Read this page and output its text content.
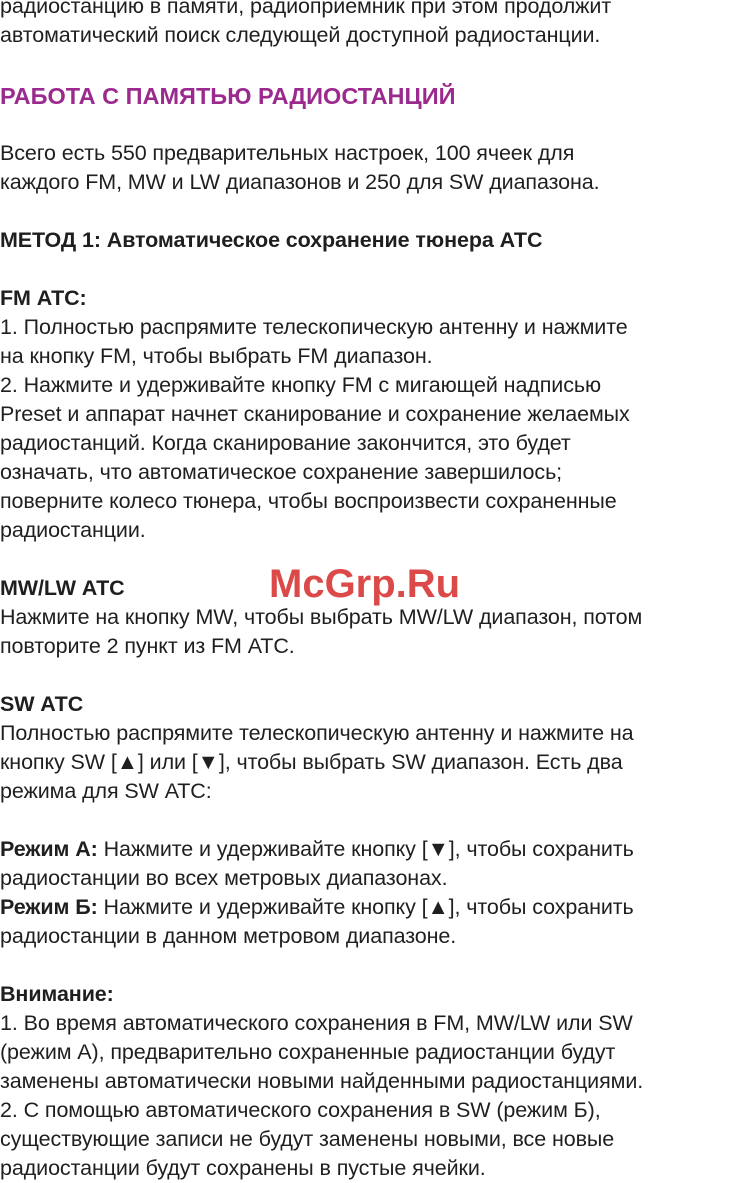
радиостанцию в памяти, радиоприемник при этом продолжит
автоматический поиск следующей доступной радиостанции.
РАБОТА С ПАМЯТЬЮ РАДИОСТАНЦИЙ
Всего есть 550 предварительных настроек, 100 ячеек для
каждого FM, MW и LW диапазонов и 250 для SW диапазона.
МЕТОД 1: Автоматическое сохранение тюнера АТС
FM АТС:
1. Полностью распрямите телескопическую антенну и нажмите
на кнопку FM, чтобы выбрать FM диапазон.
2. Нажмите и удерживайте кнопку FM с мигающей надписью
Preset и аппарат начнет сканирование и сохранение желаемых
радиостанций. Когда сканирование закончится, это будет
означать, что автоматическое сохранение завершилось;
поверните колесо тюнера, чтобы воспроизвести сохраненные
радиостанции.
MW/LW АТС
Нажмите на кнопку MW, чтобы выбрать MW/LW диапазон, потом
повторите 2 пункт из FM АТС.
SW АТС
Полностью распрямите телескопическую антенну и нажмите на
кнопку SW [▲] или [▼], чтобы выбрать SW диапазон. Есть два
режима для SW АТС:
Режим А: Нажмите и удерживайте кнопку [▼], чтобы сохранить
радиостанции во всех метровых диапазонах.
Режим Б: Нажмите и удерживайте кнопку [▲], чтобы сохранить
радиостанции в данном метровом диапазоне.
Внимание:
1. Во время автоматического сохранения в FM, MW/LW или SW
(режим А), предварительно сохраненные радиостанции будут
заменены автоматически новыми найденными радиостанциями.
2. С помощью автоматического сохранения в SW (режим Б),
существующие записи не будут заменены новыми, все новые
радиостанции будут сохранены в пустые ячейки.
McGrp.Ru
